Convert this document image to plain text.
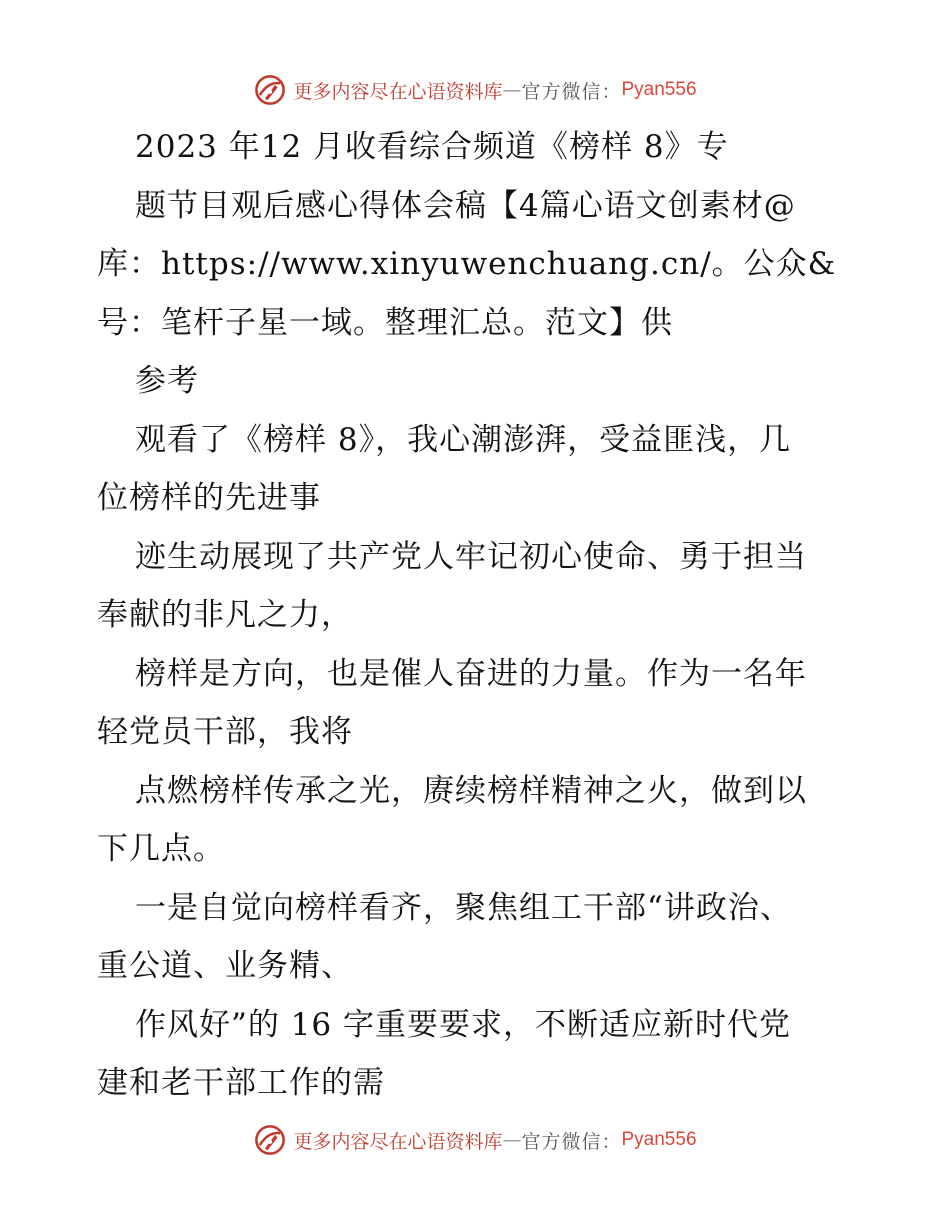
更多内容尽在心语资料库 — 官方微信： Pyan556
2023 年12 月收看综合频道《榜样 8》专
题节目观后感心得体会稿【4篇心语文创素材@
库：https://www.xinyuwenchuang.cn/。公众&
号：笔杆子星一域。整理汇总。范文】供
参考
观看了《榜样 8》，我心潮澎湃，受益匪浅，几
位榜样的先进事
迹生动展现了共产党人牢记初心使命、勇于担当
奉献的非凡之力，
榜样是方向，也是催人奋进的力量。作为一名年
轻党员干部，我将
点燃榜样传承之光，赓续榜样精神之火，做到以
下几点。
一是自觉向榜样看齐，聚焦组工干部“讲政治、
重公道、业务精、
作风好”的 16 字重要要求，不断适应新时代党
建和老干部工作的需
更多内容尽在心语资料库 — 官方微信： Pyan556
